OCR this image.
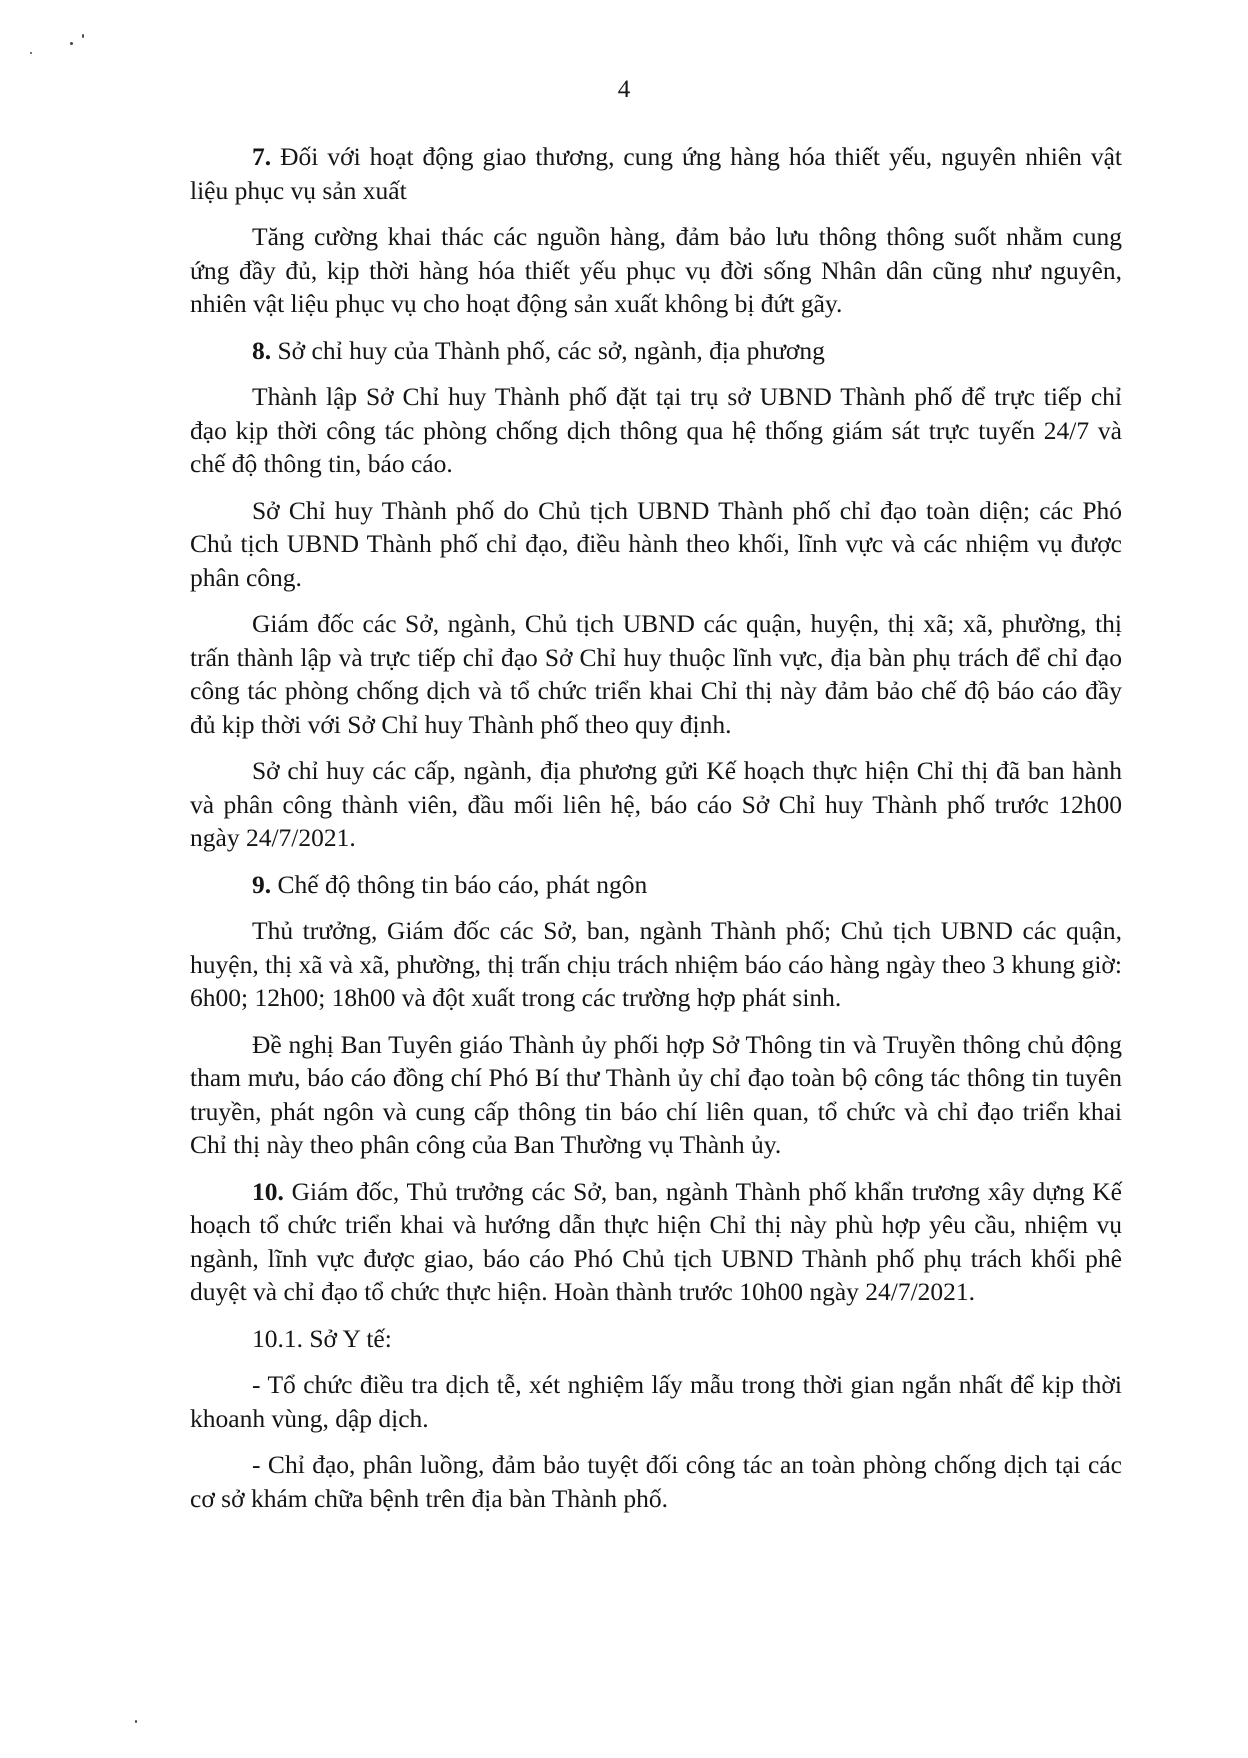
4

7. Đối với hoạt động giao thương, cung ứng hàng hóa thiết yếu, nguyên nhiên vật liệu phục vụ sản xuất

Tăng cường khai thác các nguồn hàng, đảm bảo lưu thông thông suốt nhằm cung ứng đầy đủ, kịp thời hàng hóa thiết yếu phục vụ đời sống Nhân dân cũng như nguyên, nhiên vật liệu phục vụ cho hoạt động sản xuất không bị đứt gãy.

8. Sở chỉ huy của Thành phố, các sở, ngành, địa phương

Thành lập Sở Chỉ huy Thành phố đặt tại trụ sở UBND Thành phố để trực tiếp chỉ đạo kịp thời công tác phòng chống dịch thông qua hệ thống giám sát trực tuyến 24/7 và chế độ thông tin, báo cáo.

Sở Chỉ huy Thành phố do Chủ tịch UBND Thành phố chỉ đạo toàn diện; các Phó Chủ tịch UBND Thành phố chỉ đạo, điều hành theo khối, lĩnh vực và các nhiệm vụ được phân công.

Giám đốc các Sở, ngành, Chủ tịch UBND các quận, huyện, thị xã; xã, phường, thị trấn thành lập và trực tiếp chỉ đạo Sở Chỉ huy thuộc lĩnh vực, địa bàn phụ trách để chỉ đạo công tác phòng chống dịch và tổ chức triển khai Chỉ thị này đảm bảo chế độ báo cáo đầy đủ kịp thời với Sở Chỉ huy Thành phố theo quy định.

Sở chỉ huy các cấp, ngành, địa phương gửi Kế hoạch thực hiện Chỉ thị đã ban hành và phân công thành viên, đầu mối liên hệ, báo cáo Sở Chỉ huy Thành phố trước 12h00 ngày 24/7/2021.

9. Chế độ thông tin báo cáo, phát ngôn

Thủ trưởng, Giám đốc các Sở, ban, ngành Thành phố; Chủ tịch UBND các quận, huyện, thị xã và xã, phường, thị trấn chịu trách nhiệm báo cáo hàng ngày theo 3 khung giờ: 6h00; 12h00; 18h00 và đột xuất trong các trường hợp phát sinh.

Đề nghị Ban Tuyên giáo Thành ủy phối hợp Sở Thông tin và Truyền thông chủ động tham mưu, báo cáo đồng chí Phó Bí thư Thành ủy chỉ đạo toàn bộ công tác thông tin tuyên truyền, phát ngôn và cung cấp thông tin báo chí liên quan, tổ chức và chỉ đạo triển khai Chỉ thị này theo phân công của Ban Thường vụ Thành ủy.

10. Giám đốc, Thủ trưởng các Sở, ban, ngành Thành phố khẩn trương xây dựng Kế hoạch tổ chức triển khai và hướng dẫn thực hiện Chỉ thị này phù hợp yêu cầu, nhiệm vụ ngành, lĩnh vực được giao, báo cáo Phó Chủ tịch UBND Thành phố phụ trách khối phê duyệt và chỉ đạo tổ chức thực hiện. Hoàn thành trước 10h00 ngày 24/7/2021.

10.1. Sở Y tế:

- Tổ chức điều tra dịch tễ, xét nghiệm lấy mẫu trong thời gian ngắn nhất để kịp thời khoanh vùng, dập dịch.

- Chỉ đạo, phân luồng, đảm bảo tuyệt đối công tác an toàn phòng chống dịch tại các cơ sở khám chữa bệnh trên địa bàn Thành phố.
